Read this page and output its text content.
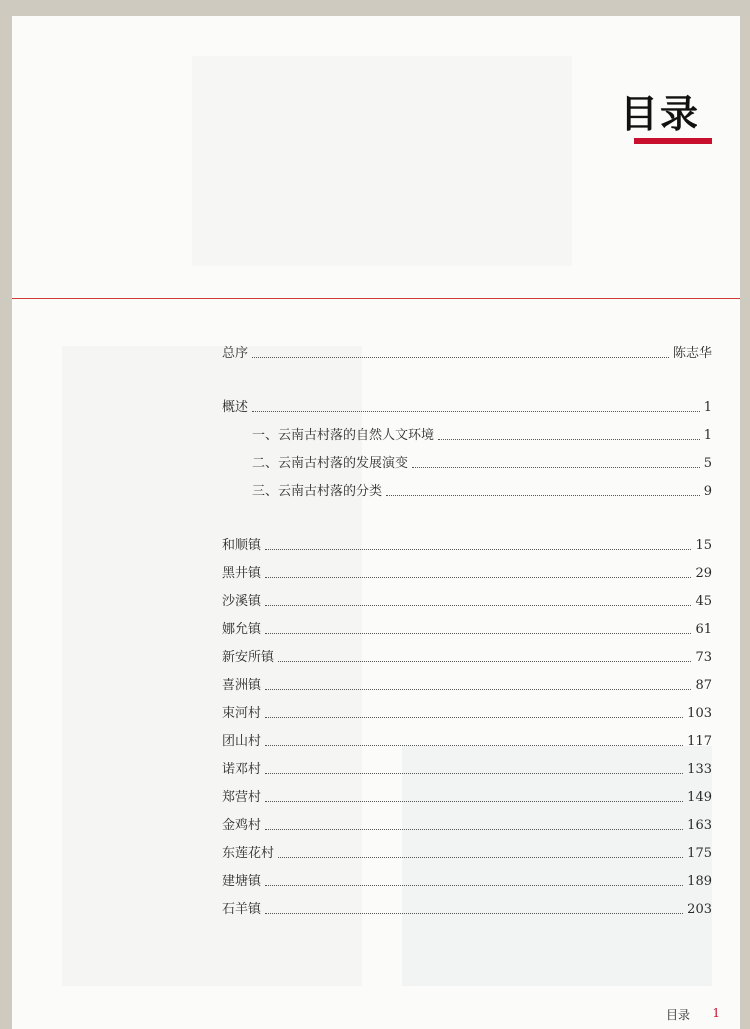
目录
总序	陈志华
概述	1
一、云南古村落的自然人文环境	1
二、云南古村落的发展演变	5
三、云南古村落的分类	9
和顺镇	15
黑井镇	29
沙溪镇	45
娜允镇	61
新安所镇	73
喜洲镇	87
束河村	103
团山村	117
诺邓村	133
郑营村	149
金鸡村	163
东莲花村	175
建塘镇	189
石羊镇	203
目录 1
